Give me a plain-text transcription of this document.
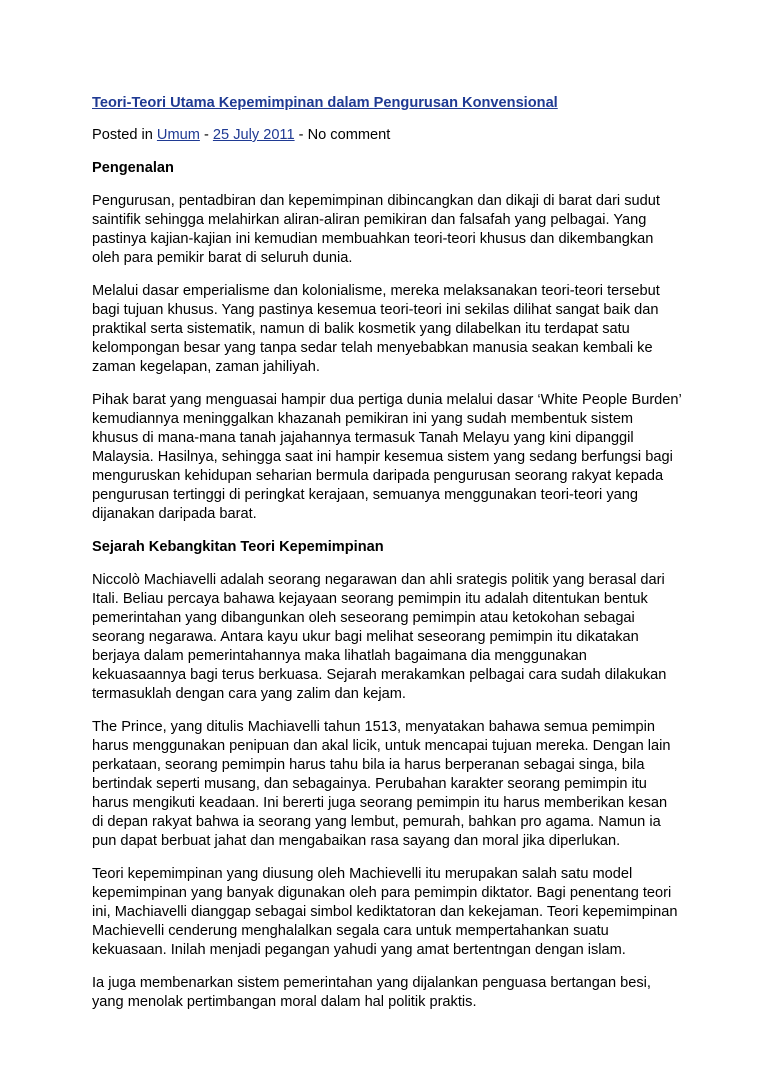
Teori-Teori Utama Kepemimpinan dalam Pengurusan Konvensional
Posted in Umum - 25 July 2011 - No comment
Pengenalan

Pengurusan, pentadbiran dan kepemimpinan dibincangkan dan dikaji di barat dari sudut saintifik sehingga melahirkan aliran-aliran pemikiran dan falsafah yang pelbagai. Yang pastinya kajian-kajian ini kemudian membuahkan teori-teori khusus dan dikembangkan oleh para pemikir barat di seluruh dunia.

Melalui dasar emperialisme dan kolonialisme, mereka melaksanakan teori-teori tersebut bagi tujuan khusus. Yang pastinya kesemua teori-teori ini sekilas dilihat sangat baik dan praktikal serta sistematik, namun di balik kosmetik yang dilabelkan itu terdapat satu kelompongan besar yang tanpa sedar telah menyebabkan manusia seakan kembali ke zaman kegelapan, zaman jahiliyah.

Pihak barat yang menguasai hampir dua pertiga dunia melalui dasar ‘White People Burden’ kemudiannya meninggalkan khazanah pemikiran ini yang sudah membentuk sistem khusus di mana-mana tanah jajahannya termasuk Tanah Melayu yang kini dipanggil Malaysia. Hasilnya, sehingga saat ini hampir kesemua sistem yang sedang berfungsi bagi menguruskan kehidupan seharian bermula daripada pengurusan seorang rakyat kepada pengurusan tertinggi di peringkat kerajaan, semuanya menggunakan teori-teori yang dijanakan daripada barat.

Sejarah Kebangkitan Teori Kepemimpinan

Niccolò Machiavelli adalah seorang negarawan dan ahli srategis politik yang berasal dari Itali. Beliau percaya bahawa kejayaan seorang pemimpin itu adalah ditentukan bentuk pemerintahan yang dibangunkan oleh seseorang pemimpin atau ketokohan sebagai seorang negarawa. Antara kayu ukur bagi melihat seseorang pemimpin itu dikatakan berjaya dalam pemerintahannya maka lihatlah bagaimana dia menggunakan kekuasaannya bagi terus berkuasa. Sejarah merakamkan pelbagai cara sudah dilakukan termasuklah dengan cara yang zalim dan kejam.

The Prince, yang ditulis Machiavelli tahun 1513, menyatakan bahawa semua pemimpin harus menggunakan penipuan dan akal licik, untuk mencapai tujuan mereka. Dengan lain perkataan, seorang pemimpin harus tahu bila ia harus berperanan sebagai singa, bila bertindak seperti musang, dan sebagainya. Perubahan karakter seorang pemimpin itu harus mengikuti keadaan. Ini bererti juga seorang pemimpin itu harus memberikan kesan di depan rakyat bahwa ia seorang yang lembut, pemurah, bahkan pro agama. Namun ia pun dapat berbuat jahat dan mengabaikan rasa sayang dan moral jika diperlukan.

Teori kepemimpinan yang diusung oleh Machievelli itu merupakan salah satu model kepemimpinan yang banyak digunakan oleh para pemimpin diktator. Bagi penentang teori ini, Machiavelli dianggap sebagai simbol kediktatoran dan kekejaman. Teori kepemimpinan Machievelli cenderung menghalalkan segala cara untuk mempertahankan suatu kekuasaan. Inilah menjadi pegangan yahudi yang amat bertentngan dengan islam.

Ia juga membenarkan sistem pemerintahan yang dijalankan penguasa bertangan besi, yang menolak pertimbangan moral dalam hal politik praktis.
